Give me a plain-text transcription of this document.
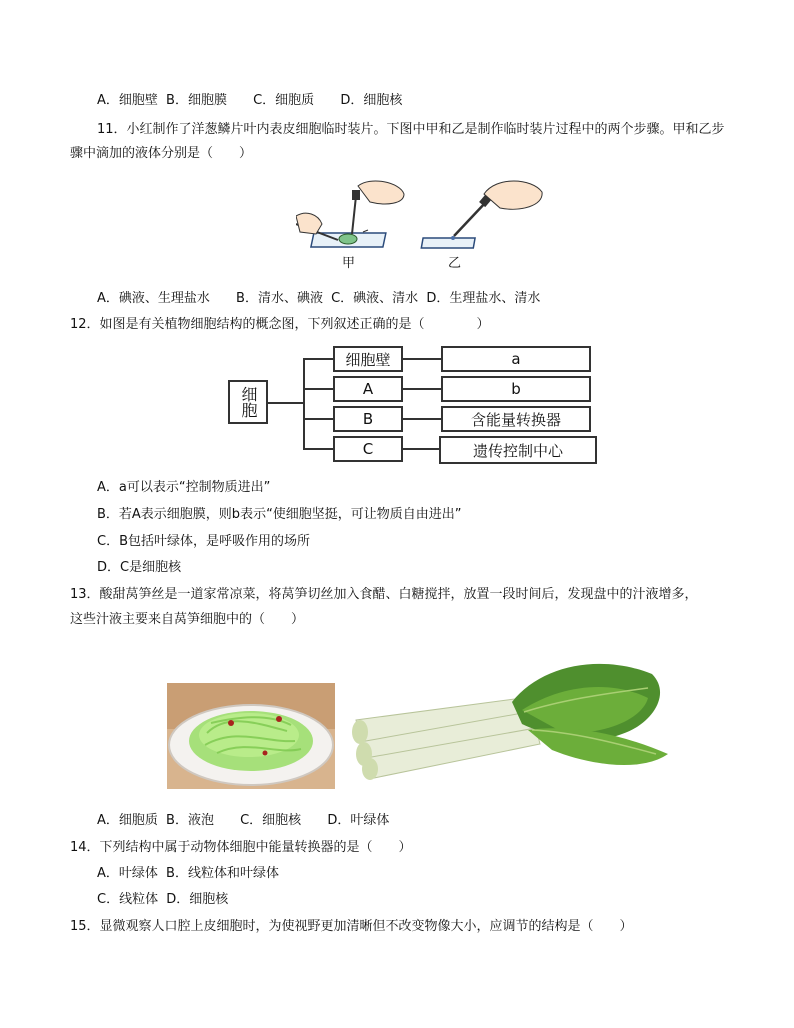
A．细胞壁 B．细胞膜 C．细胞质 D．细胞核
11．小红制作了洋葱鳞片叶内表皮细胞临时装片。下图中甲和乙是制作临时装片过程中的两个步骤。甲和乙步
骤中滴加的液体分别是（　　）
甲	乙
A．碘液、生理盐水 B．清水、碘液 C．碘液、清水 D．生理盐水、清水
12．如图是有关植物细胞结构的概念图，下列叙述正确的是（　　　　）
细胞
细胞壁
A
B
C
a
b
含能量转换器
遗传控制中心
A．a可以表示“控制物质进出”
B．若A表示细胞膜，则b表示“使细胞坚挺，可让物质自由进出”
C．B包括叶绿体，是呼吸作用的场所
D．C是细胞核
13．酸甜莴笋丝是一道家常凉菜，将莴笋切丝加入食醋、白糖搅拌，放置一段时间后，发现盘中的汁液增多，
这些汁液主要来自莴笋细胞中的（　　）
A．细胞质 B．液泡 C．细胞核 D．叶绿体
14．下列结构中属于动物体细胞中能量转换器的是（　　）
A．叶绿体 B．线粒体和叶绿体
C．线粒体 D．细胞核
15．显微观察人口腔上皮细胞时，为使视野更加清晰但不改变物像大小，应调节的结构是（　　）
